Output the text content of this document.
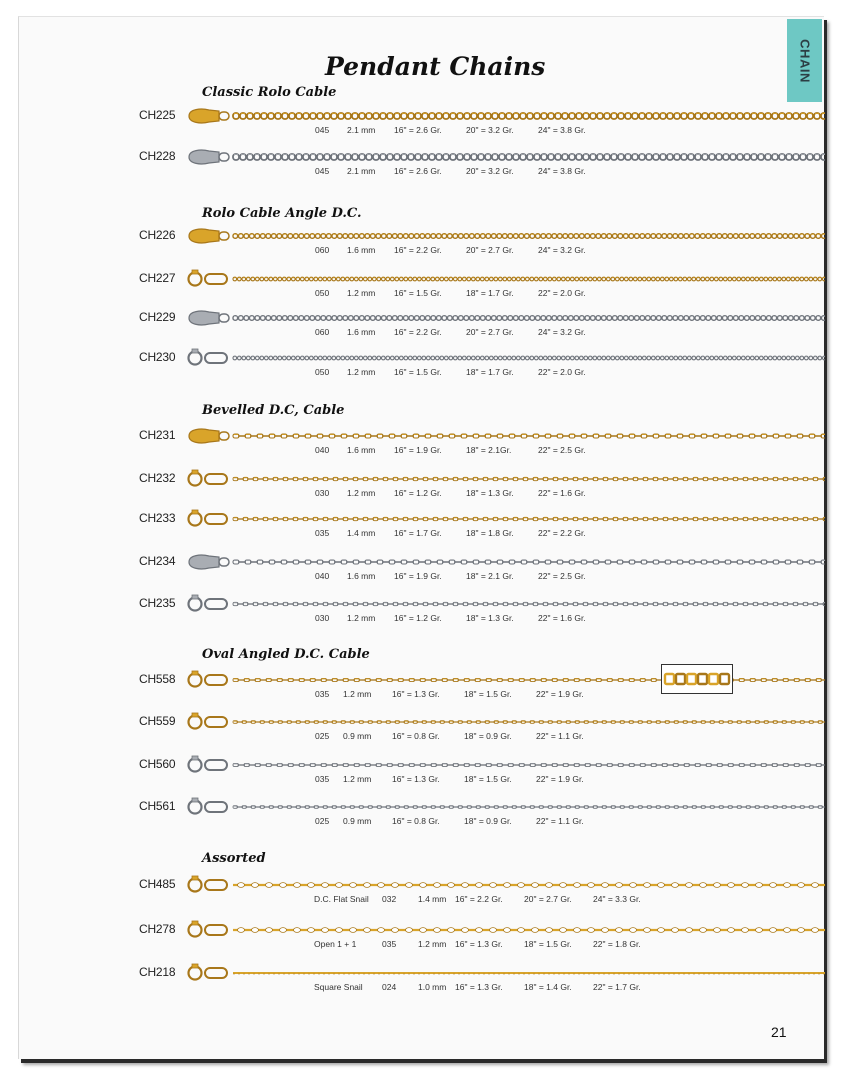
CHAIN
Pendant Chains
Classic Rolo Cable
CH225
045 2.1 mm 16" = 2.6 Gr.	20" = 3.2 Gr.	24" = 3.8 Gr.
CH228
045 2.1 mm 16" = 2.6 Gr.	20" = 3.2 Gr.	24" = 3.8 Gr.
Rolo Cable Angle D.C.
CH226
060 1.6 mm 16" = 2.2 Gr.	20" = 2.7 Gr.	24" = 3.2 Gr.
CH227
050 1.2 mm 16" = 1.5 Gr.	18" = 1.7 Gr.	22" = 2.0 Gr.
CH229
060 1.6 mm 16" = 2.2 Gr.	20" = 2.7 Gr.	24" = 3.2 Gr.
CH230
050 1.2 mm 16" = 1.5 Gr.	18" = 1.7 Gr.	22" = 2.0 Gr.
Bevelled D.C, Cable
CH231
040 1.6 mm 16" = 1.9 Gr.	18" = 2.1Gr.	22" = 2.5 Gr.
CH232
030 1.2 mm 16" = 1.2 Gr.	18" = 1.3 Gr.	22" = 1.6 Gr.
CH233
035 1.4 mm 16" = 1.7 Gr.	18" = 1.8 Gr.	22" = 2.2 Gr.
CH234
040 1.6 mm 16" = 1.9 Gr.	18" = 2.1 Gr.	22" = 2.5 Gr.
CH235
030 1.2 mm 16" = 1.2 Gr.	18" = 1.3 Gr.	22" = 1.6 Gr.
Oval Angled D.C. Cable
CH558
035 1.2 mm 16" = 1.3 Gr.	18" = 1.5 Gr.	22" = 1.9 Gr.
CH559
025 0.9 mm 16" = 0.8 Gr.	18" = 0.9 Gr.	22" = 1.1 Gr.
CH560
035 1.2 mm 16" = 1.3 Gr.	18" = 1.5 Gr.	22" = 1.9 Gr.
CH561
025 0.9 mm 16" = 0.8 Gr.	18" = 0.9 Gr.	22" = 1.1 Gr.
Assorted
CH485
D.C. Flat Snail 032	1.4 mm 16" = 2.2 Gr.	20" = 2.7 Gr.	24" = 3.3 Gr.
CH278
Open 1 + 1	035	1.2 mm 16" = 1.3 Gr.	18" = 1.5 Gr.	22" = 1.8 Gr.
CH218
Square Snail 024	1.0 mm 16" = 1.3 Gr.	18" = 1.4 Gr.	22" = 1.7 Gr.
21
